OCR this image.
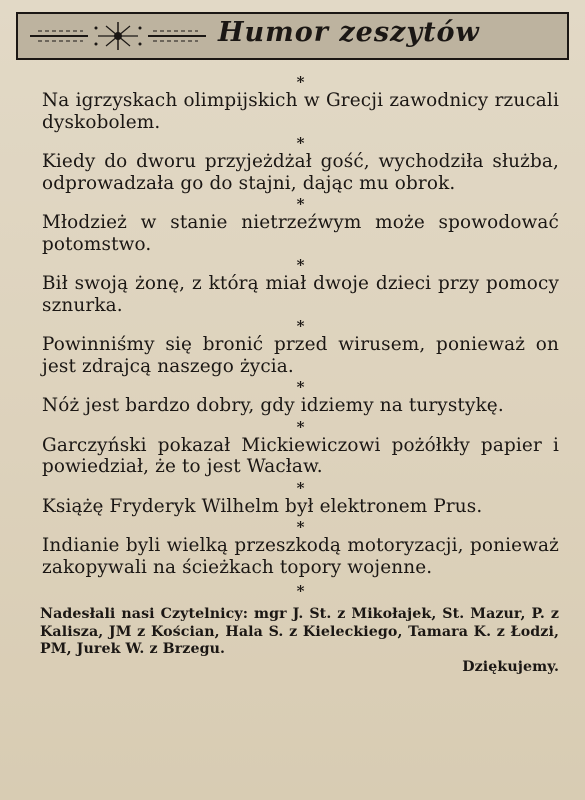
Humor zeszytów
*

Na igrzyskach olimpijskich w Grecji zawodnicy rzucali dyskobolem.

*

Kiedy do dworu przyjeżdżał gość, wychodziła służba, odprowadzała go do stajni, dając mu obrok.

*

Młodzież w stanie nietrzeźwym może spowodować potomstwo.

*

Bił swoją żonę, z którą miał dwoje dzieci przy pomocy sznurka.

*

Powinniśmy się bronić przed wirusem, ponieważ on jest zdrajcą naszego życia.

*

Nóż jest bardzo dobry, gdy idziemy na turystykę.

*

Garczyński pokazał Mickiewiczowi pożółkły papier i powiedział, że to jest Wacław.

*

Książę Fryderyk Wilhelm był elektronem Prus.

*

Indianie byli wielką przeszkodą motoryzacji, ponieważ zakopywali na ścieżkach topory wojenne.

*
Nadesłali nasi Czytelnicy: mgr J. St. z Mikołajek, St. Mazur, P. z Kalisza, JM z Kościan, Hala S. z Kieleckiego, Tamara K. z Łodzi, PM, Jurek W. z Brzegu.
Dziękujemy.
